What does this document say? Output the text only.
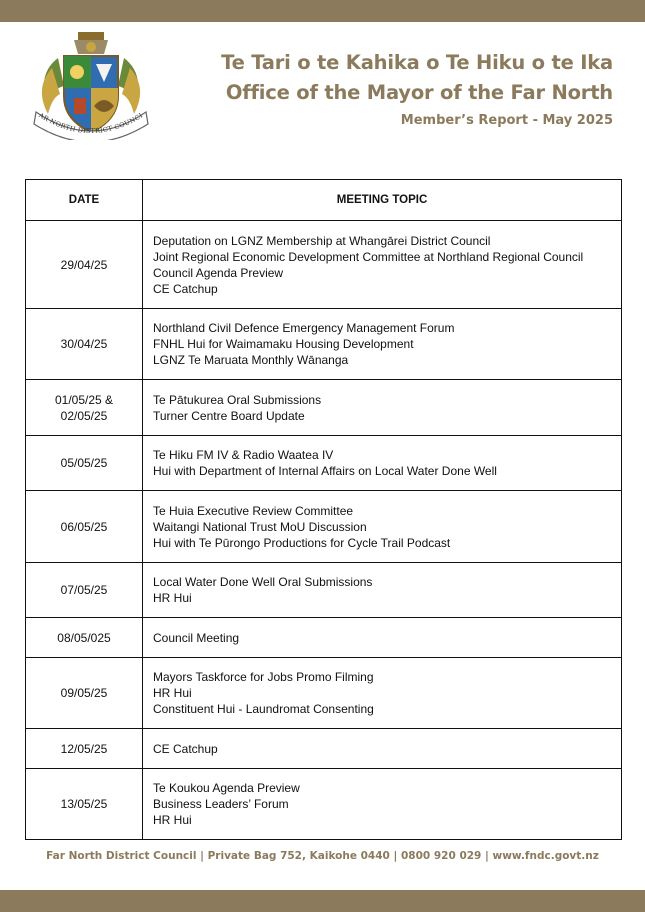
AR NORTH DISTRICT COUNCI
Te Tari o te Kahika o Te Hiku o te Ika
Office of the Mayor of the Far North
Member’s Report - May 2025
DATE	MEETING TOPIC

29/04/25	Deputation on LGNZ Membership at Whangārei District Council
Joint Regional Economic Development Committee at Northland Regional Council
Council Agenda Preview
CE Catchup

30/04/25	Northland Civil Defence Emergency Management Forum
FNHL Hui for Waimamaku Housing Development
LGNZ Te Maruata Monthly Wānanga

01/05/25 &
02/05/25	Te Pātukurea Oral Submissions
Turner Centre Board Update

05/05/25	Te Hiku FM IV & Radio Waatea IV
Hui with Department of Internal Affairs on Local Water Done Well

06/05/25	Te Huia Executive Review Committee
Waitangi National Trust MoU Discussion
Hui with Te Pūrongo Productions for Cycle Trail Podcast

07/05/25	Local Water Done Well Oral Submissions
HR Hui

08/05/025	Council Meeting

09/05/25	Mayors Taskforce for Jobs Promo Filming
HR Hui
Constituent Hui - Laundromat Consenting

12/05/25	CE Catchup

13/05/25	Te Koukou Agenda Preview
Business Leaders’ Forum
HR Hui
Far North District Council | Private Bag 752, Kaikohe 0440 | 0800 920 029 | www.fndc.govt.nz
